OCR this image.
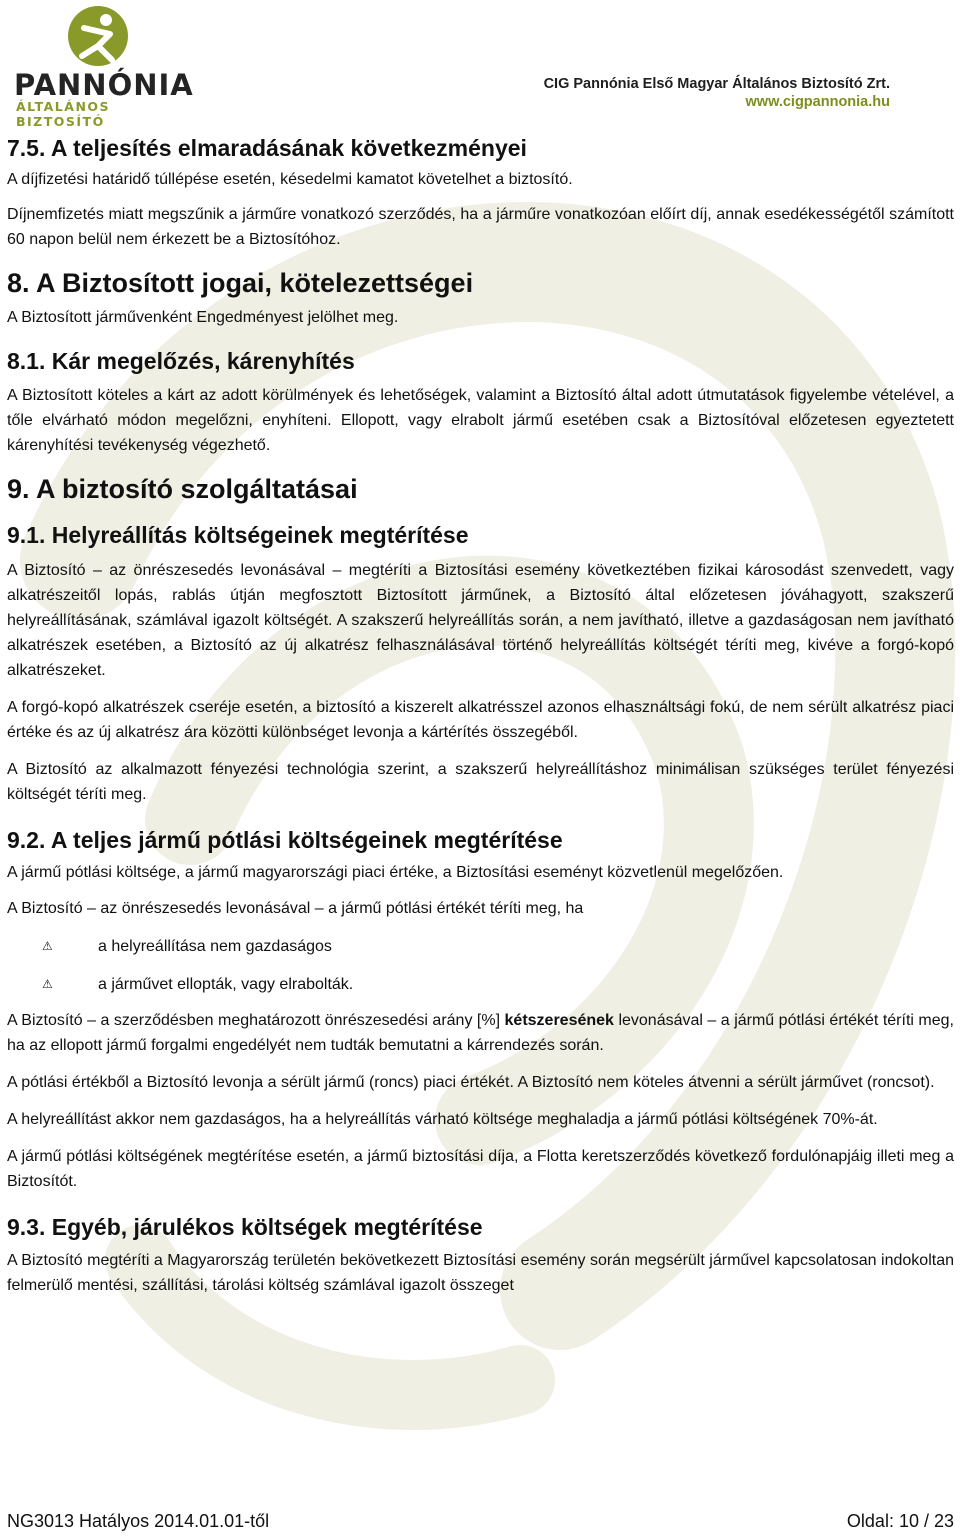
PANNÓNIA
ÁLTALÁNOS BIZTOSÍTÓ
CIG Pannónia Első Magyar Általános Biztosító Zrt.
www.cigpannonia.hu
7.5. A teljesítés elmaradásának következményei

A díjfizetési határidő túllépése esetén, késedelmi kamatot követelhet a biztosító.

Díjnemfizetés miatt megszűnik a járműre vonatkozó szerződés, ha a járműre vonatkozóan előírt díj, annak esedékességétől számított 60 napon belül nem érkezett be a Biztosítóhoz.

8. A Biztosított jogai, kötelezettségei

A Biztosított járművenként Engedményest jelölhet meg.

8.1. Kár megelőzés, kárenyhítés

A Biztosított köteles a kárt az adott körülmények és lehetőségek, valamint a Biztosító által adott útmutatások figyelembe vételével, a tőle elvárható módon megelőzni, enyhíteni. Ellopott, vagy elrabolt jármű esetében csak a Biztosítóval előzetesen egyeztetett kárenyhítési tevékenység végezhető.

9. A biztosító szolgáltatásai
9.1. Helyreállítás költségeinek megtérítése

A Biztosító – az önrészesedés levonásával – megtéríti a Biztosítási esemény következtében fizikai károsodást szenvedett, vagy alkatrészeitől lopás, rablás útján megfosztott Biztosított járműnek, a Biztosító által előzetesen jóváhagyott, szakszerű helyreállításának, számlával igazolt költségét. A szakszerű helyreállítás során, a nem javítható, illetve a gazdaságosan nem javítható alkatrészek esetében, a Biztosító az új alkatrész felhasználásával történő helyreállítás költségét téríti meg, kivéve a forgó-kopó alkatrészeket.

A forgó-kopó alkatrészek cseréje esetén, a biztosító a kiszerelt alkatrésszel azonos elhasználtsági fokú, de nem sérült alkatrész piaci értéke és az új alkatrész ára közötti különbséget levonja a kártérítés összegéből.

A Biztosító az alkalmazott fényezési technológia szerint, a szakszerű helyreállításhoz minimálisan szükséges terület fényezési költségét téríti meg.

9.2. A teljes jármű pótlási költségeinek megtérítése

A jármű pótlási költsége, a jármű magyarországi piaci értéke, a Biztosítási eseményt közvetlenül megelőzően.

A Biztosító – az önrészesedés levonásával – a jármű pótlási értékét téríti meg, ha

⚠	a helyreállítása nem gazdaságos
⚠	a járművet ellopták, vagy elrabolták.

A Biztosító – a szerződésben meghatározott önrészesedési arány [%] kétszeresének levonásával – a jármű pótlási értékét téríti meg, ha az ellopott jármű forgalmi engedélyét nem tudták bemutatni a kárrendezés során.

A pótlási értékből a Biztosító levonja a sérült jármű (roncs) piaci értékét. A Biztosító nem köteles átvenni a sérült járművet (roncsot).

A helyreállítást akkor nem gazdaságos, ha a helyreállítás várható költsége meghaladja a jármű pótlási költségének 70%-át.

A jármű pótlási költségének megtérítése esetén, a jármű biztosítási díja, a Flotta keretszerződés következő fordulónapjáig illeti meg a Biztosítót.

9.3. Egyéb, járulékos költségek megtérítése

A Biztosító megtéríti a Magyarország területén bekövetkezett Biztosítási esemény során megsérült járművel kapcsolatosan indokoltan felmerülő mentési, szállítási, tárolási költség számlával igazolt összeget

NG3013 Hatályos 2014.01.01-től	Oldal: 10 / 23
